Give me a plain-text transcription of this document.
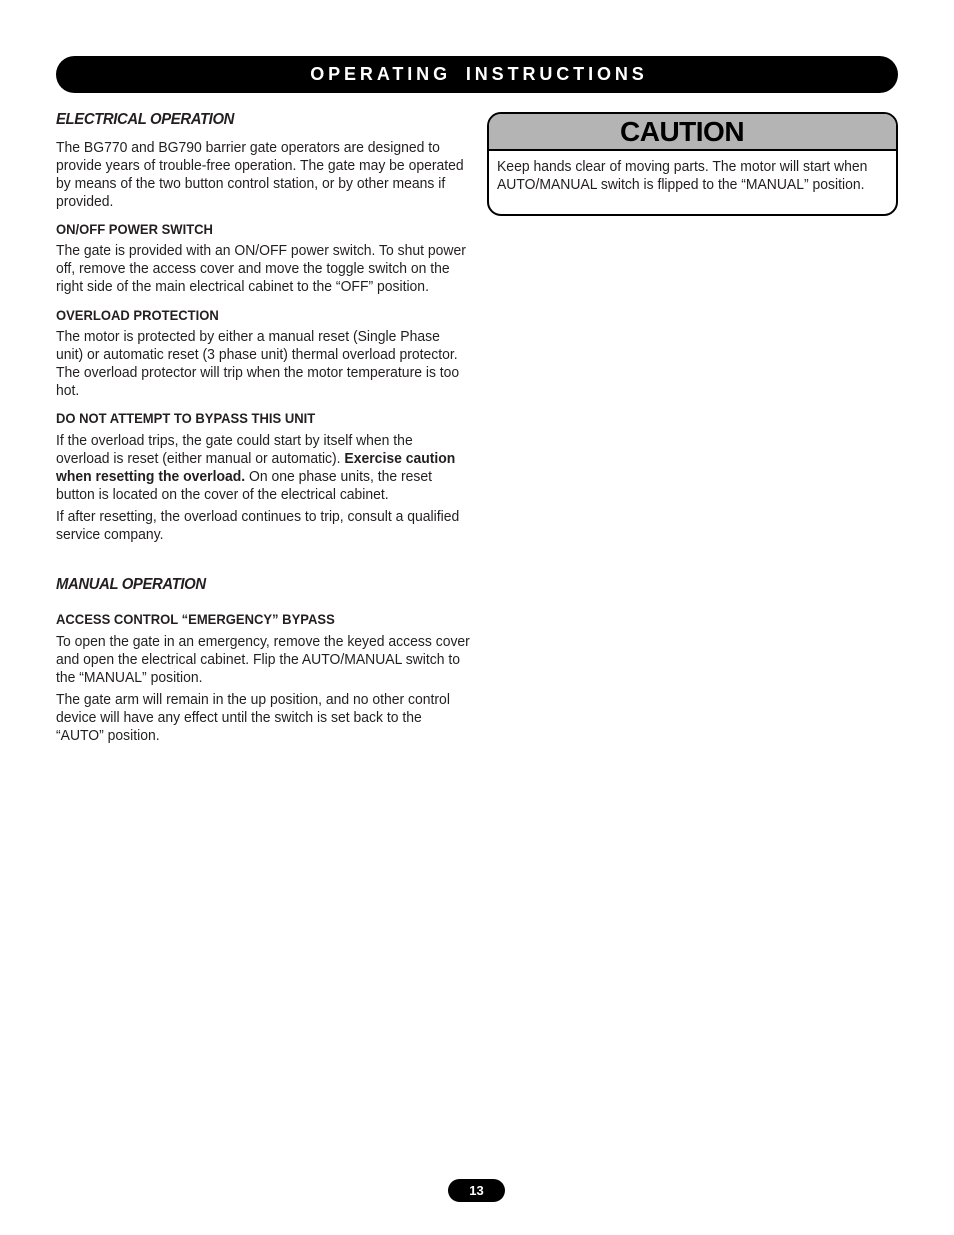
OPERATING INSTRUCTIONS
ELECTRICAL OPERATION
The BG770 and BG790 barrier gate operators are designed to
provide years of trouble-free operation. The gate may be operated
by means of the two button control station, or by other means if
provided.
ON/OFF POWER SWITCH
The gate is provided with an ON/OFF power switch. To shut power
off, remove the access cover and move the toggle switch on the
right side of the main electrical cabinet to the “OFF” position.
OVERLOAD PROTECTION
The motor is protected by either a manual reset (Single Phase
unit) or automatic reset (3 phase unit) thermal overload protector.
The overload protector will trip when the motor temperature is too
hot.
DO NOT ATTEMPT TO BYPASS THIS UNIT
If the overload trips, the gate could start by itself when the
overload is reset (either manual or automatic). Exercise caution
when resetting the overload. On one phase units, the reset
button is located on the cover of the electrical cabinet.
If after resetting, the overload continues to trip, consult a qualified
service company.
MANUAL OPERATION
ACCESS CONTROL “EMERGENCY” BYPASS
To open the gate in an emergency, remove the keyed access cover
and open the electrical cabinet. Flip the AUTO/MANUAL switch to
the “MANUAL” position.
The gate arm will remain in the up position, and no other control
device will have any effect until the switch is set back to the
“AUTO” position.
CAUTION
Keep hands clear of moving parts. The motor will start when
AUTO/MANUAL switch is flipped to the “MANUAL” position.
13
